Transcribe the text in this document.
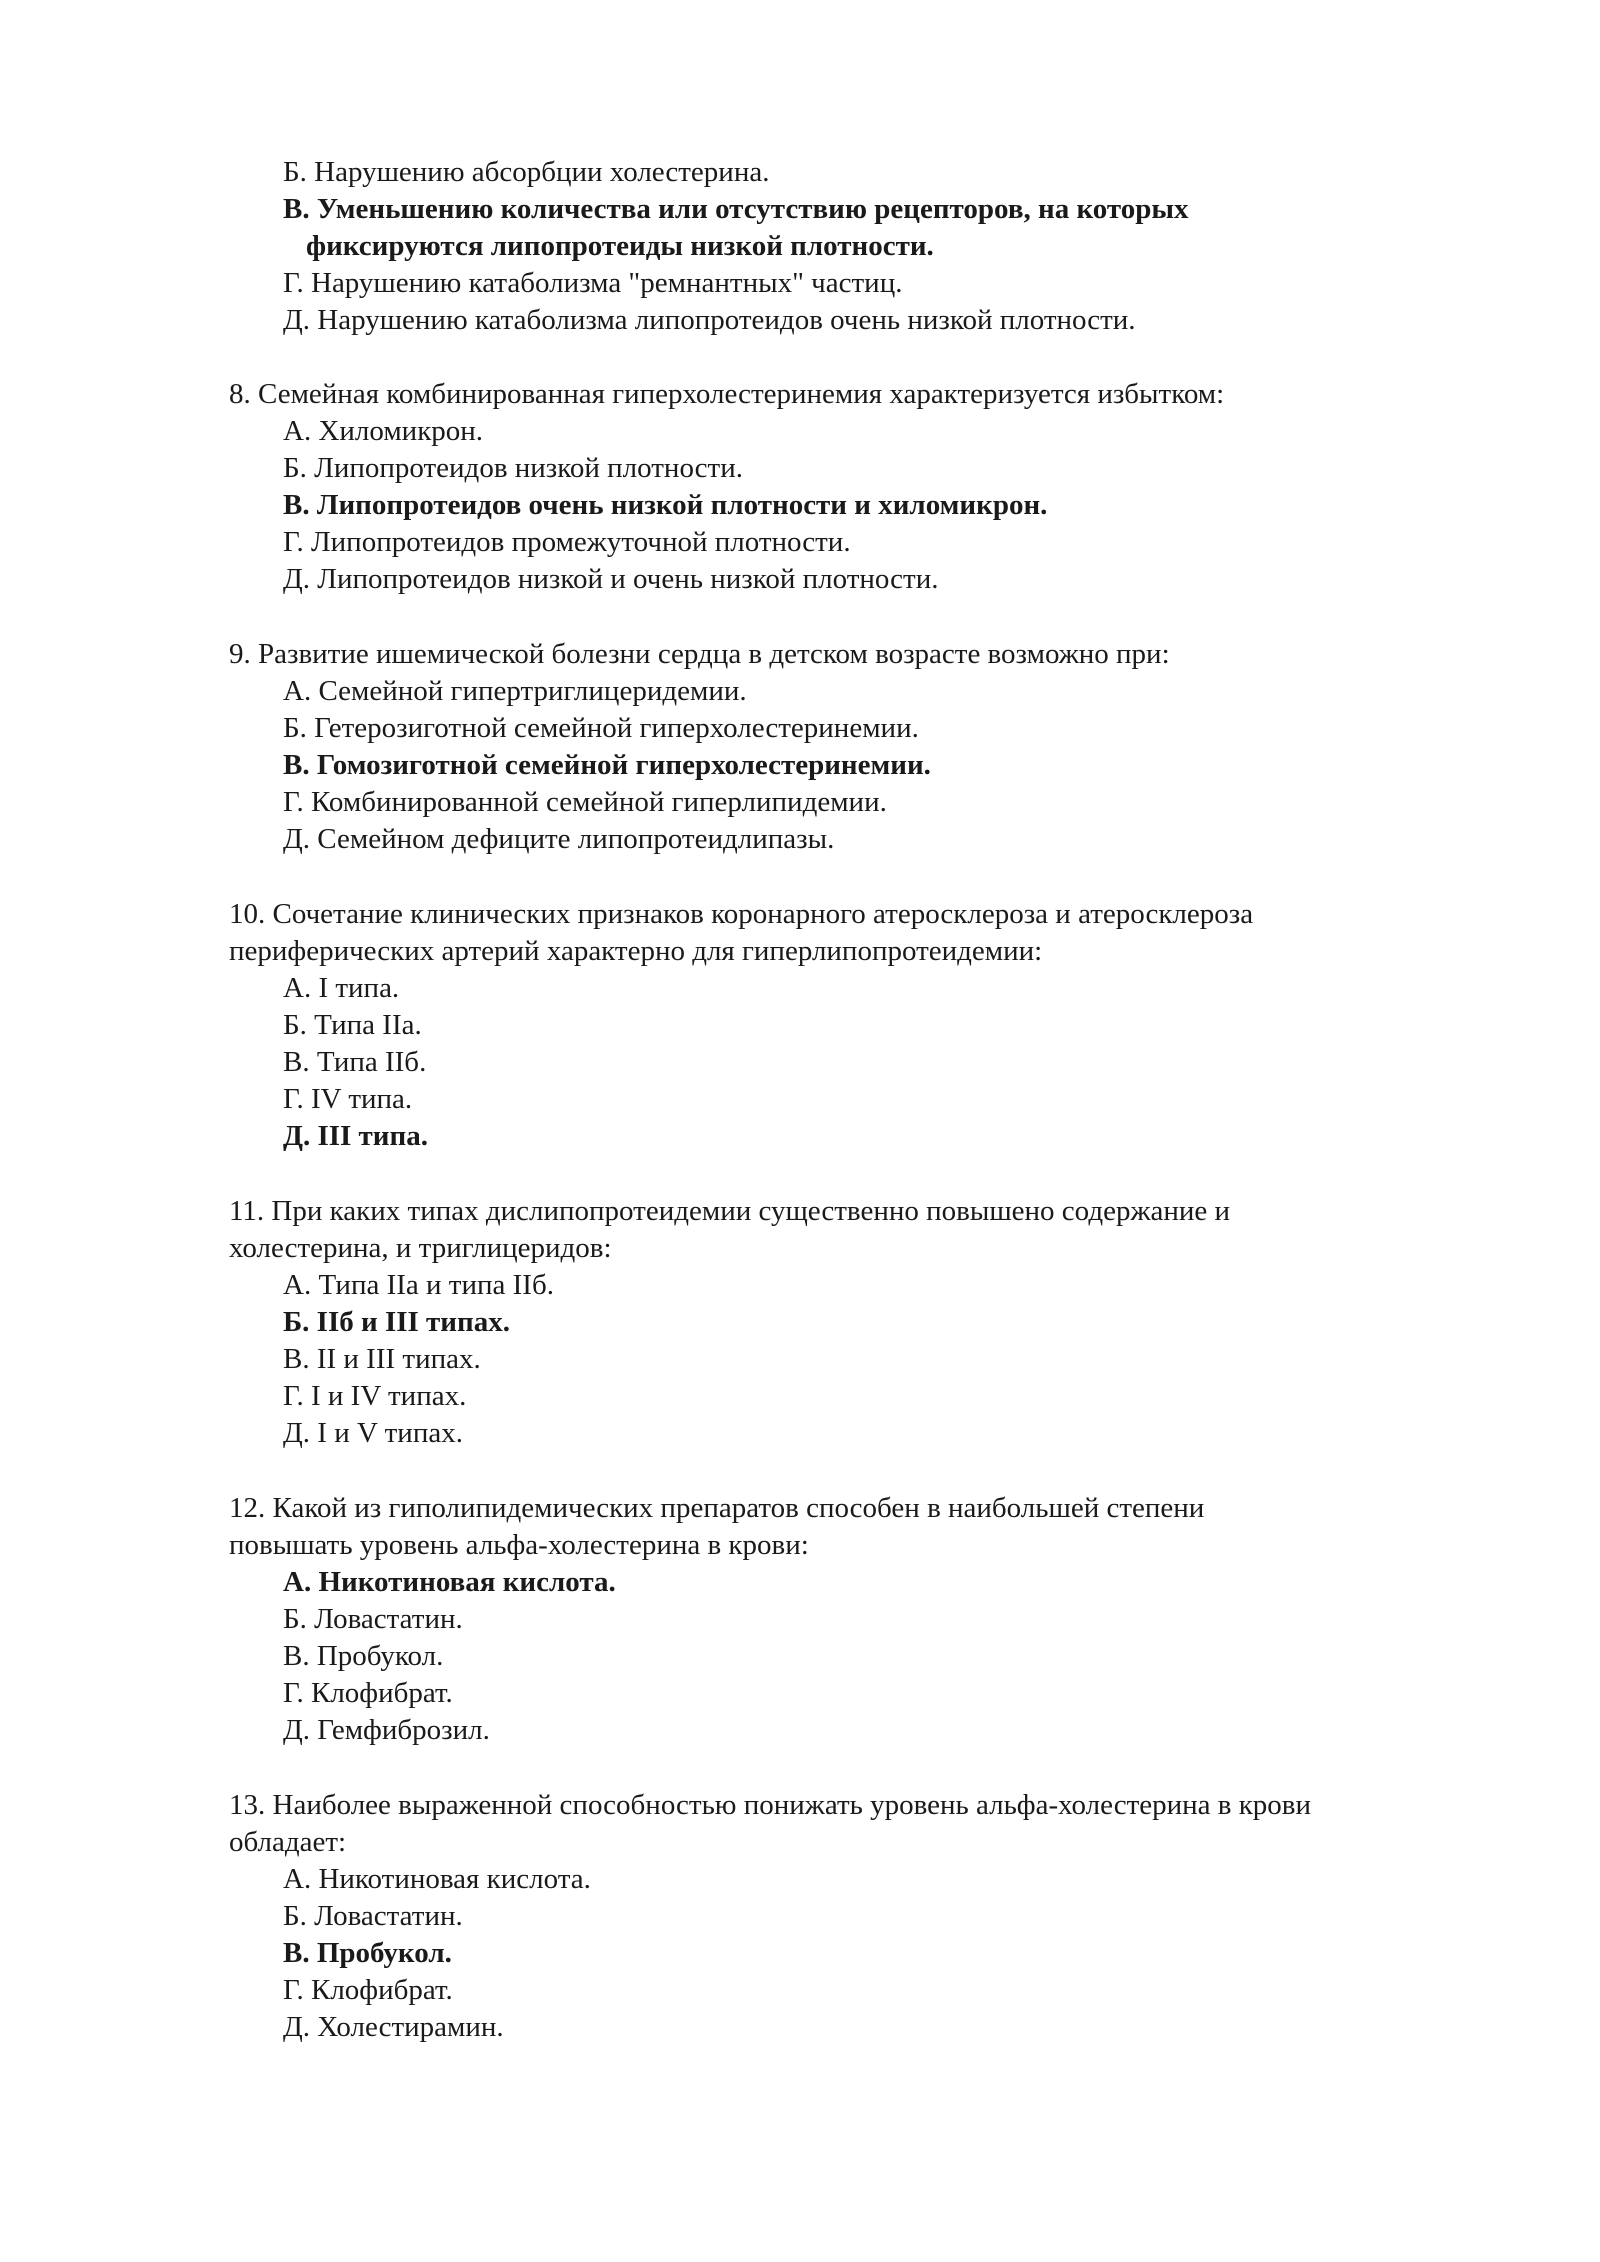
Б. Нарушению абсорбции холестерина.
В. Уменьшению количества или отсутствию рецепторов, на которых
фиксируются липопротеиды низкой плотности.
Г. Нарушению катаболизма "ремнантных" частиц.
Д. Нарушению катаболизма липопротеидов очень низкой плотности.
8. Семейная комбинированная гиперхолестеринемия характеризуется избытком:
А. Хиломикрон.
Б. Липопротеидов низкой плотности.
В. Липопротеидов очень низкой плотности и хиломикрон.
Г. Липопротеидов промежуточной плотности.
Д. Липопротеидов низкой и очень низкой плотности.
9. Развитие ишемической болезни сердца в детском возрасте возможно при:
А. Семейной гипертриглицеридемии.
Б. Гетерозиготной семейной гиперхолестеринемии.
В. Гомозиготной семейной гиперхолестеринемии.
Г. Комбинированной семейной гиперлипидемии.
Д. Семейном дефиците липопротеидлипазы.
10. Сочетание клинических признаков коронарного атеросклероза и атеросклероза
периферических артерий характерно для гиперлипопротеидемии:
А. I типа.
Б. Типа IIa.
В. Типа IIб.
Г. IV типа.
Д. III типа.
11. При каких типах дислипопротеидемии существенно повышено содержание и
холестерина, и триглицеридов:
А. Типа IIa и типа IIб.
Б. IIб и III типах.
В. II и III типах.
Г. I и IV типах.
Д. I и V типах.
12. Какой из гиполипидемических препаратов способен в наибольшей степени
повышать уровень альфа-холестерина в крови:
А. Никотиновая кислота.
Б. Ловастатин.
В. Пробукол.
Г. Клофибрат.
Д. Гемфиброзил.
13. Наиболее выраженной способностью понижать уровень альфа-холестерина в крови
обладает:
А. Никотиновая кислота.
Б. Ловастатин.
В. Пробукол.
Г. Клофибрат.
Д. Холестирамин.
